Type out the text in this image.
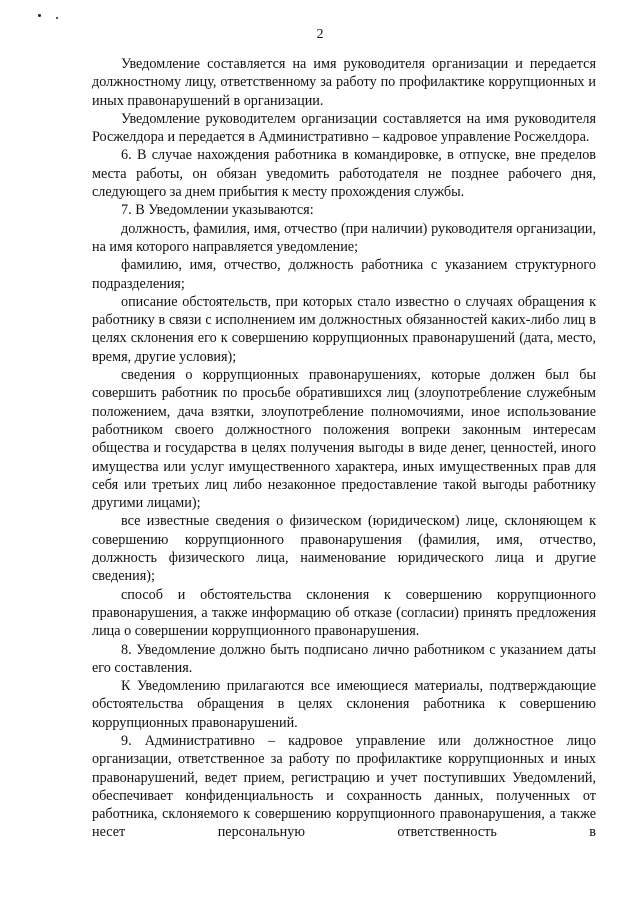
2

Уведомление составляется на имя руководителя организации и передается должностному лицу, ответственному за работу по профилактике коррупционных и иных правонарушений в организации.

Уведомление руководителем организации составляется на имя руководителя Росжелдора и передается в Административно – кадровое управление Росжелдора.

6. В случае нахождения работника в командировке, в отпуске, вне пределов места работы, он обязан уведомить работодателя не позднее рабочего дня, следующего за днем прибытия к месту прохождения службы.

7. В Уведомлении указываются:

должность, фамилия, имя, отчество (при наличии) руководителя организации, на имя которого направляется уведомление;

фамилию, имя, отчество, должность работника с указанием структурного подразделения;

описание обстоятельств, при которых стало известно о случаях обращения к работнику в связи с исполнением им должностных обязанностей каких-либо лиц в целях склонения его к совершению коррупционных правонарушений (дата, место, время, другие условия);

сведения о коррупционных правонарушениях, которые должен был бы совершить работник по просьбе обратившихся лиц (злоупотребление служебным положением, дача взятки, злоупотребление полномочиями, иное использование работником своего должностного положения вопреки законным интересам общества и государства в целях получения выгоды в виде денег, ценностей, иного имущества или услуг имущественного характера, иных имущественных прав для себя или третьих лиц либо незаконное предоставление такой выгоды работнику другими лицами);

все известные сведения о физическом (юридическом) лице, склоняющем к совершению коррупционного правонарушения (фамилия, имя, отчество, должность физического лица, наименование юридического лица и другие сведения);

способ и обстоятельства склонения к совершению коррупционного правонарушения, а также информацию об отказе (согласии) принять предложения лица о совершении коррупционного правонарушения.

8. Уведомление должно быть подписано лично работником с указанием даты его составления.

К Уведомлению прилагаются все имеющиеся материалы, подтверждающие обстоятельства обращения в целях склонения работника к совершению коррупционных правонарушений.

9. Административно – кадровое управление или должностное лицо организации, ответственное за работу по профилактике коррупционных и иных правонарушений, ведет прием, регистрацию и учет поступивших Уведомлений, обеспечивает конфиденциальность и сохранность данных, полученных от работника, склоняемого к совершению коррупционного правонарушения, а также несет персональную ответственность в
